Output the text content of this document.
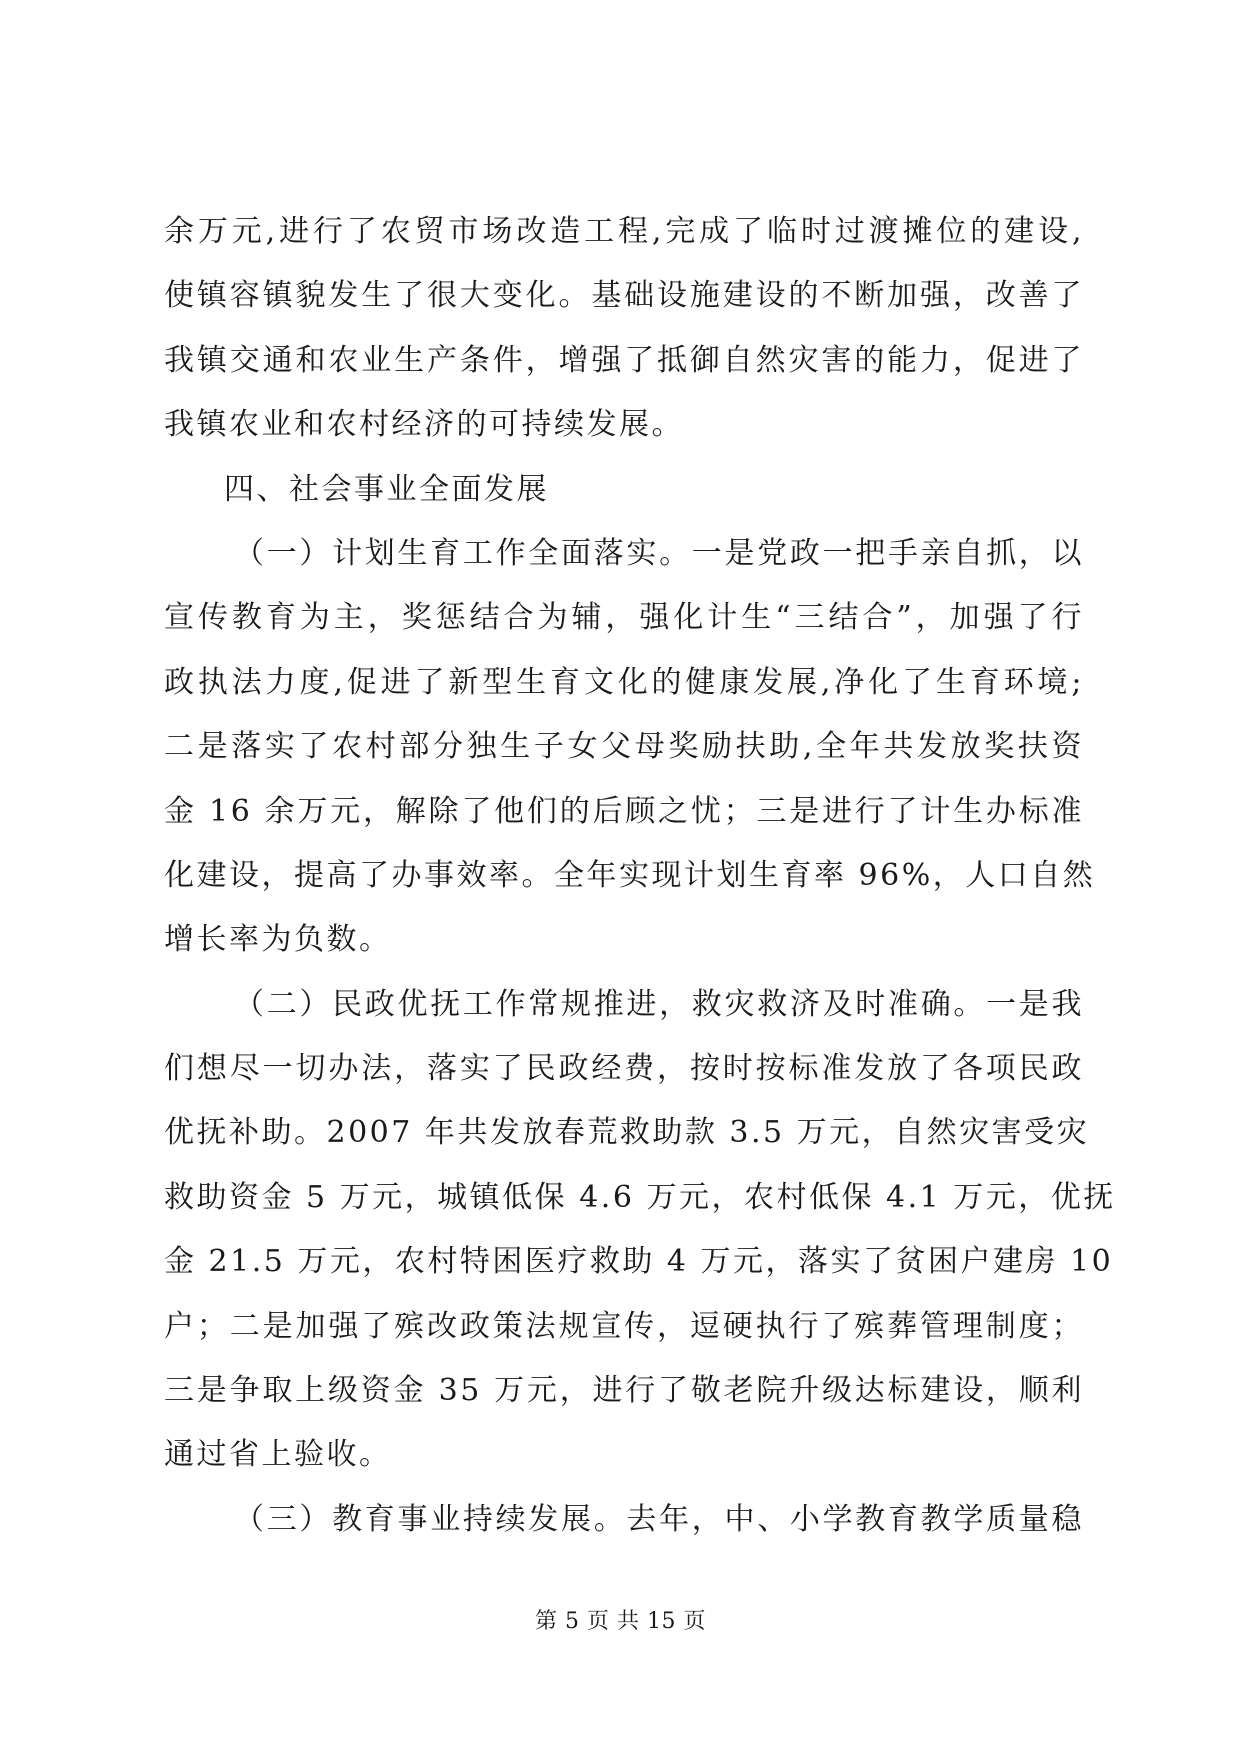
余万元,进行了农贸市场改造工程,完成了临时过渡摊位的建设,
使镇容镇貌发生了很大变化。基础设施建设的不断加强，改善了
我镇交通和农业生产条件，增强了抵御自然灾害的能力，促进了
我镇农业和农村经济的可持续发展。
四、社会事业全面发展
（一）计划生育工作全面落实。一是党政一把手亲自抓，以
宣传教育为主，奖惩结合为辅，强化计生“三结合”，加强了行
政执法力度,促进了新型生育文化的健康发展,净化了生育环境;
二是落实了农村部分独生子女父母奖励扶助,全年共发放奖扶资
金 16 余万元，解除了他们的后顾之忧；三是进行了计生办标准
化建设，提高了办事效率。全年实现计划生育率 96%，人口自然
增长率为负数。
（二）民政优抚工作常规推进，救灾救济及时准确。一是我
们想尽一切办法，落实了民政经费，按时按标准发放了各项民政
优抚补助。2007 年共发放春荒救助款 3.5 万元，自然灾害受灾
救助资金 5 万元，城镇低保 4.6 万元，农村低保 4.1 万元，优抚
金 21.5 万元，农村特困医疗救助 4 万元，落实了贫困户建房 10
户；二是加强了殡改政策法规宣传，逗硬执行了殡葬管理制度；
三是争取上级资金 35 万元，进行了敬老院升级达标建设，顺利
通过省上验收。
（三）教育事业持续发展。去年，中、小学教育教学质量稳
第 5 页 共 15 页
